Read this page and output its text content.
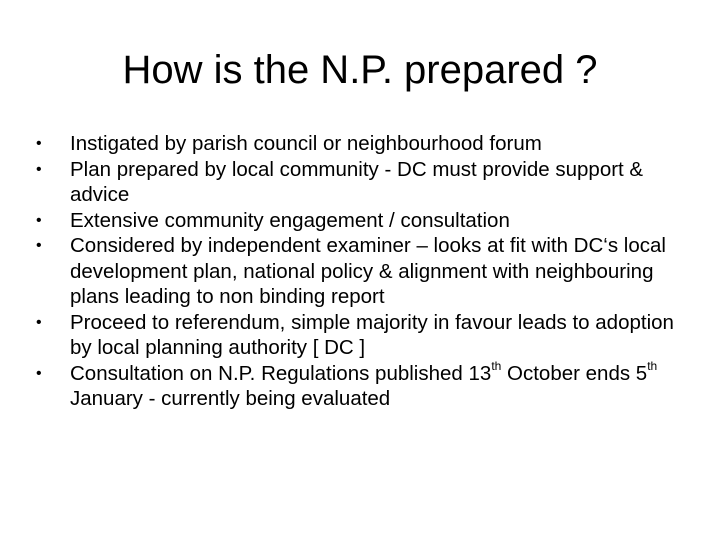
How is the N.P. prepared ?
•	Instigated by parish council or neighbourhood forum
•	Plan prepared by local community - DC must provide support & advice
•	Extensive community engagement / consultation
•	Considered by independent examiner – looks at fit with DC‘s local development plan, national policy & alignment with neighbouring plans leading to non binding report
•	Proceed to referendum, simple majority in favour leads to adoption by local planning authority [ DC ]
•	Consultation on N.P. Regulations published 13th October ends 5th January - currently being evaluated
